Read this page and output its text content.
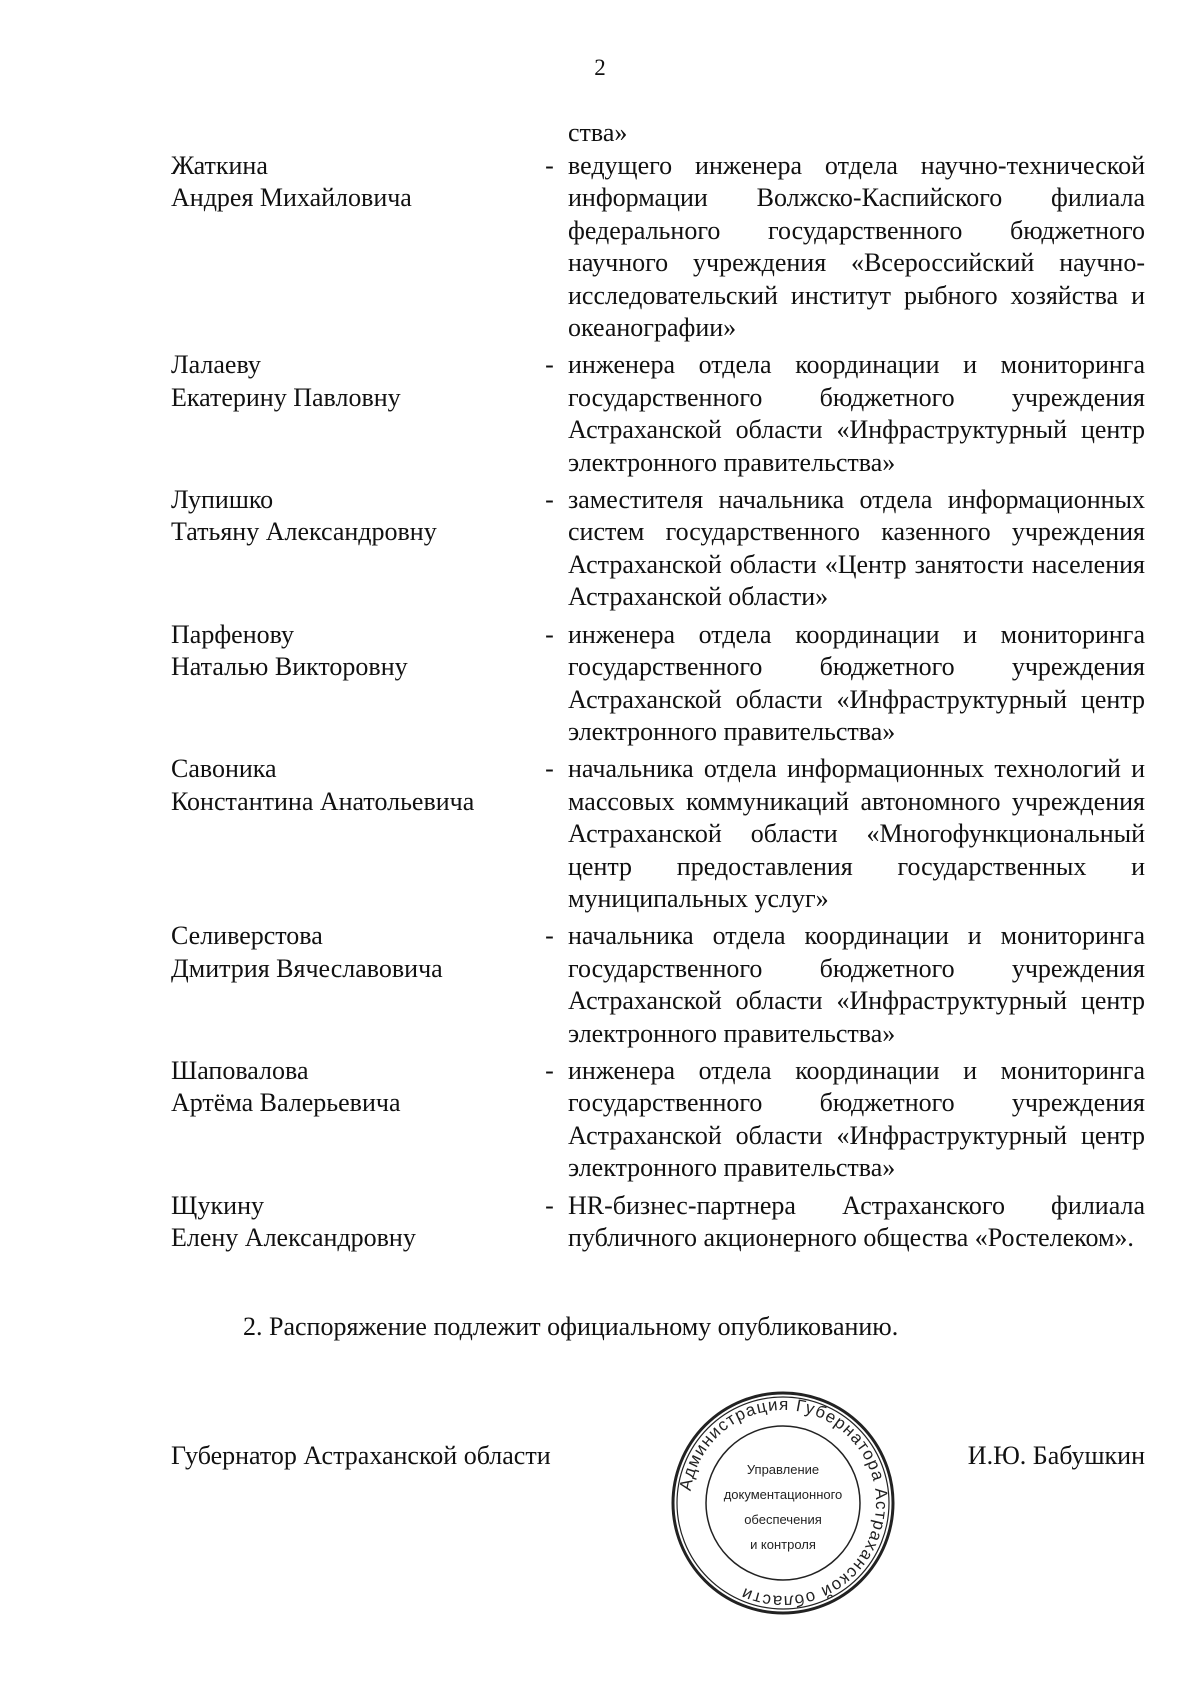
2
ства»
Жаткина
Андрея Михайловича
- ведущего инженера отдела научно-технической информации Волжско-Каспийского филиала федерального государственного бюджетного научного учреждения «Всероссийский научно-исследовательский институт рыбного хозяйства и океанографии»
Лалаеву
Екатерину Павловну
- инженера отдела координации и мониторинга государственного бюджетного учреждения Астраханской области «Инфраструктурный центр электронного правительства»
Лупишко
Татьяну Александровну
- заместителя начальника отдела информационных систем государственного казенного учреждения Астраханской области «Центр занятости населения Астраханской области»
Парфенову
Наталью Викторовну
- инженера отдела координации и мониторинга государственного бюджетного учреждения Астраханской области «Инфраструктурный центр электронного правительства»
Савоника
Константина Анатольевича
- начальника отдела информационных технологий и массовых коммуникаций автономного учреждения Астраханской области «Многофункциональный центр предоставления государственных и муниципальных услуг»
Селиверстова
Дмитрия Вячеславовича
- начальника отдела координации и мониторинга государственного бюджетного учреждения Астраханской области «Инфраструктурный центр электронного правительства»
Шаповалова
Артёма Валерьевича
- инженера отдела координации и мониторинга государственного бюджетного учреждения Астраханской области «Инфраструктурный центр электронного правительства»
Щукину
Елену Александровну
- HR-бизнес-партнера Астраханского филиала публичного акционерного общества «Ростелеком».
2. Распоряжение подлежит официальному опубликованию.
Губернатор Астраханской области	И.Ю. Бабушкин
Администрация Губернатора Астраханской области
Управление
документационного
обеспечения
и контроля
